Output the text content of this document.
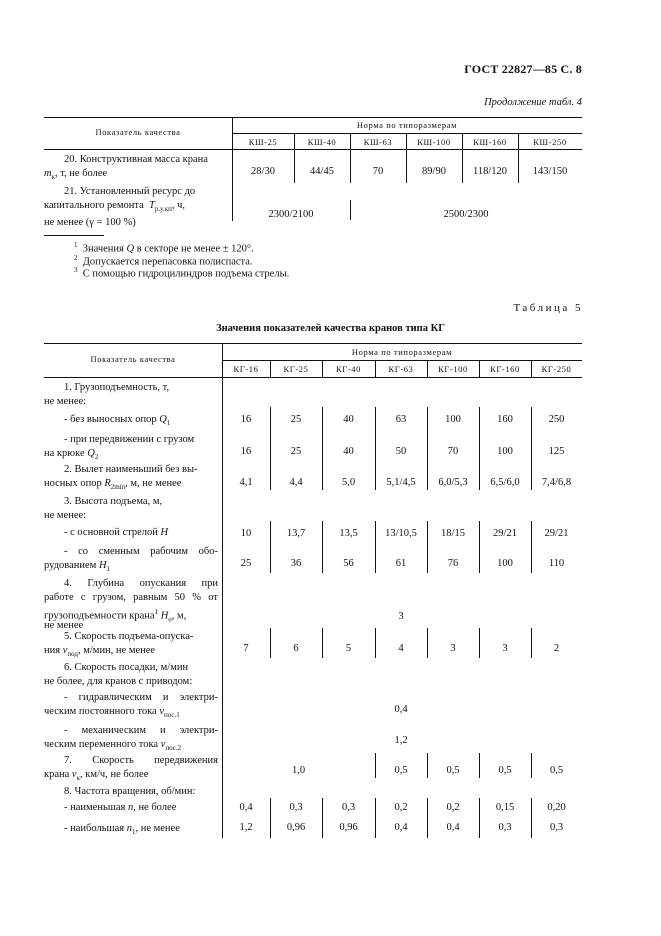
ГОСТ 22827—85 С. 8
Продолжение табл. 4
Показатель качества
Норма по типоразмерам
КШ-25	КШ-40	КШ-63	КШ-100	КШ-160	КШ-250
20. Конструктивная масса крана
$m_к$, т, не более	28/30	44/45	70	89/90	118/120	143/150
21. Установленный ресурс до
капитального ремонта $T_{р.у.кп}$, ч,
не менее (γ = 100 %)
2300/2100	2500/2300
$^1$ Значения Q в секторе не менее ± 120°.
$^2$ Допускается перепасовка полиспаста.
$^3$ С помощью гидроцилиндров подъема стрелы.
Таблица 5
Значения показателей качества кранов типа КГ
Показатель качества
Норма по типоразмерам
КГ-16	КГ-25	КГ-40	КГ-63	КГ-100	КГ-160	КГ-250
1. Грузоподъемность, т,
не менее:
- без выносных опор $Q_1$	16	25	40	63	100	160	250
- при передвижении с грузом
на крюке $Q_2$
16	25	40	50	70	100	125
2. Вылет наименьший без вы-
носных опор $R_{2min}$, м, не менее	4,1	4,4	5,0	5,1/4,5	6,0/5,3	6,5/6,0	7,4/6,8
3. Высота подъема, м,
не менее:
- с основной стрелой H	10	13,7	13,5	13/10,5	18/15	29/21	29/21
- со сменным рабочим обо-
рудованием $H_1$
25	36	56	61	76	100	110
4. Глубина опускания при
работе с грузом, равным 50 % от
грузоподъемности крана$^1$ $H_о$, м,
не менее
3
5. Скорость подъема-опуска-
ния $v_{под}$, м/мин, не менее	7	6	5	4	3	3	2
6. Скорость посадки, м/мин
не более, для кранов с приводом:
- гидравлическим и электри-
ческим постоянного тока $v_{пос.1}$
0,4
- механическим и электри-
ческим переменного тока $v_{пос.2}$
1,2
7. Скорость передвижения
крана $v_к$, км/ч, не более	1,0	0,5	0,5	0,5	0,5
8. Частота вращения, об/мин:
- наименьшая n, не более	0,4	0,3	0,3	0,2	0,2	0,15	0,20
- наибольшая $n_1$, не менее	1,2	0,96	0,96	0,4	0,4	0,3	0,3
